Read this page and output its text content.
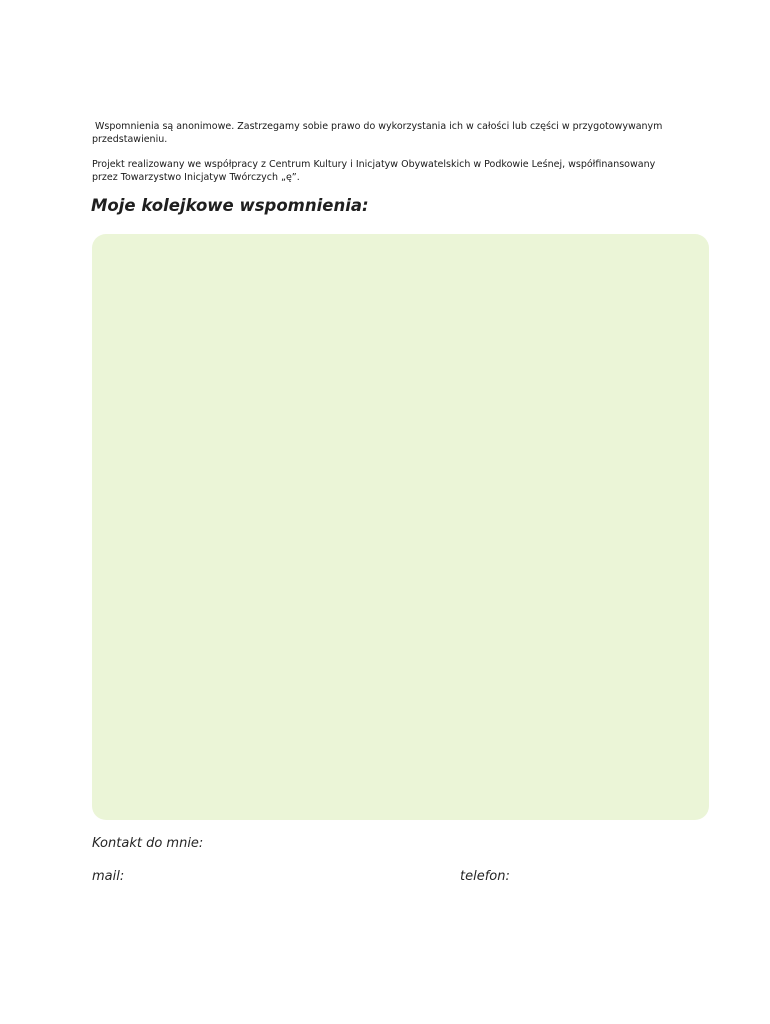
Wspomnienia są anonimowe. Zastrzegamy sobie prawo do wykorzystania ich w całości lub części w przygotowywanym przedstawieniu.

Projekt realizowany we współpracy z Centrum Kultury i Inicjatyw Obywatelskich w Podkowie Leśnej, współfinansowany przez Towarzystwo Inicjatyw Twórczych „ę”.

Moje kolejkowe wspomnienia:

Kontakt do mnie:

mail:	telefon:
